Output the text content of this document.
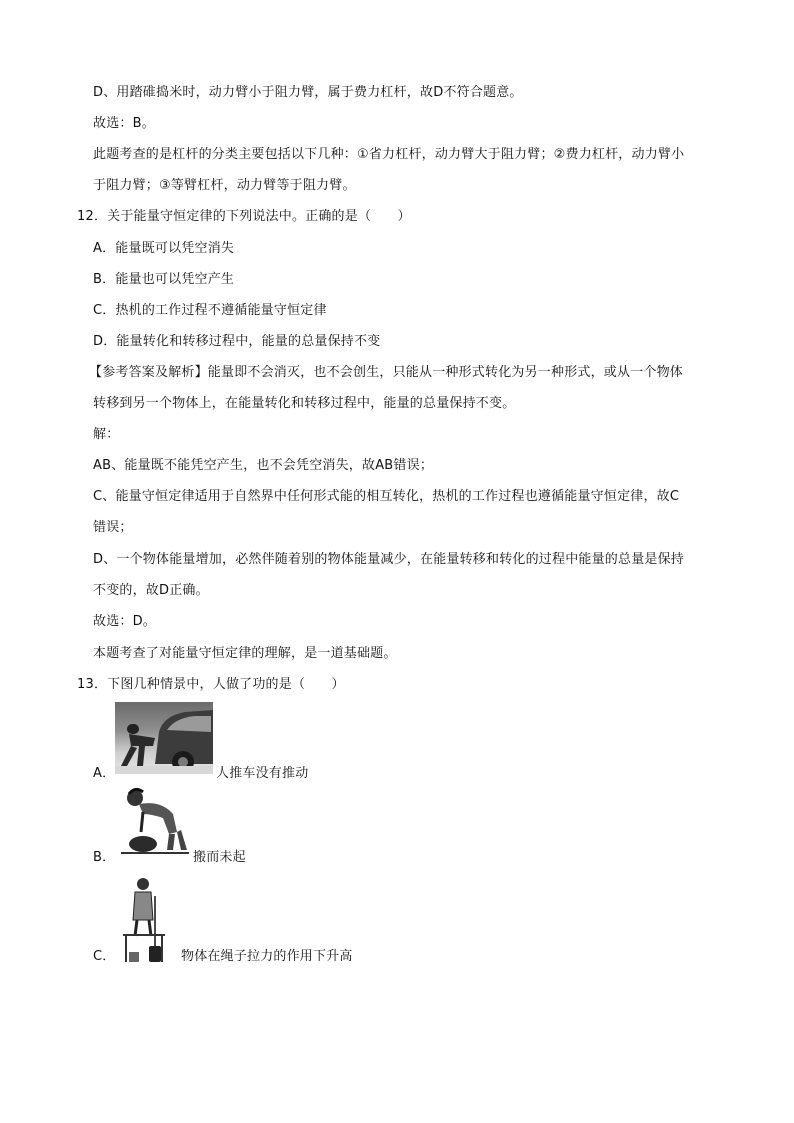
D、用踏碓捣米时，动力臂小于阻力臂，属于费力杠杆，故D不符合题意。
故选：B。
此题考查的是杠杆的分类主要包括以下几种：①省力杠杆，动力臂大于阻力臂；②费力杠杆，动力臂小
于阻力臂；③等臂杠杆，动力臂等于阻力臂。
12．关于能量守恒定律的下列说法中。正确的是（　　）
A．能量既可以凭空消失
B．能量也可以凭空产生
C．热机的工作过程不遵循能量守恒定律
D．能量转化和转移过程中，能量的总量保持不变
【参考答案及解析】能量即不会消灭，也不会创生，只能从一种形式转化为另一种形式，或从一个物体
转移到另一个物体上，在能量转化和转移过程中，能量的总量保持不变。
解：
AB、能量既不能凭空产生，也不会凭空消失，故AB错误；
C、能量守恒定律适用于自然界中任何形式能的相互转化，热机的工作过程也遵循能量守恒定律，故C
错误；
D、一个物体能量增加，必然伴随着别的物体能量减少，在能量转移和转化的过程中能量的总量是保持
不变的，故D正确。
故选：D。
本题考查了对能量守恒定律的理解，是一道基础题。
13．下图几种情景中，人做了功的是（　　）
A．	人推车没有推动
B．	搬而未起
C．	物体在绳子拉力的作用下升高
